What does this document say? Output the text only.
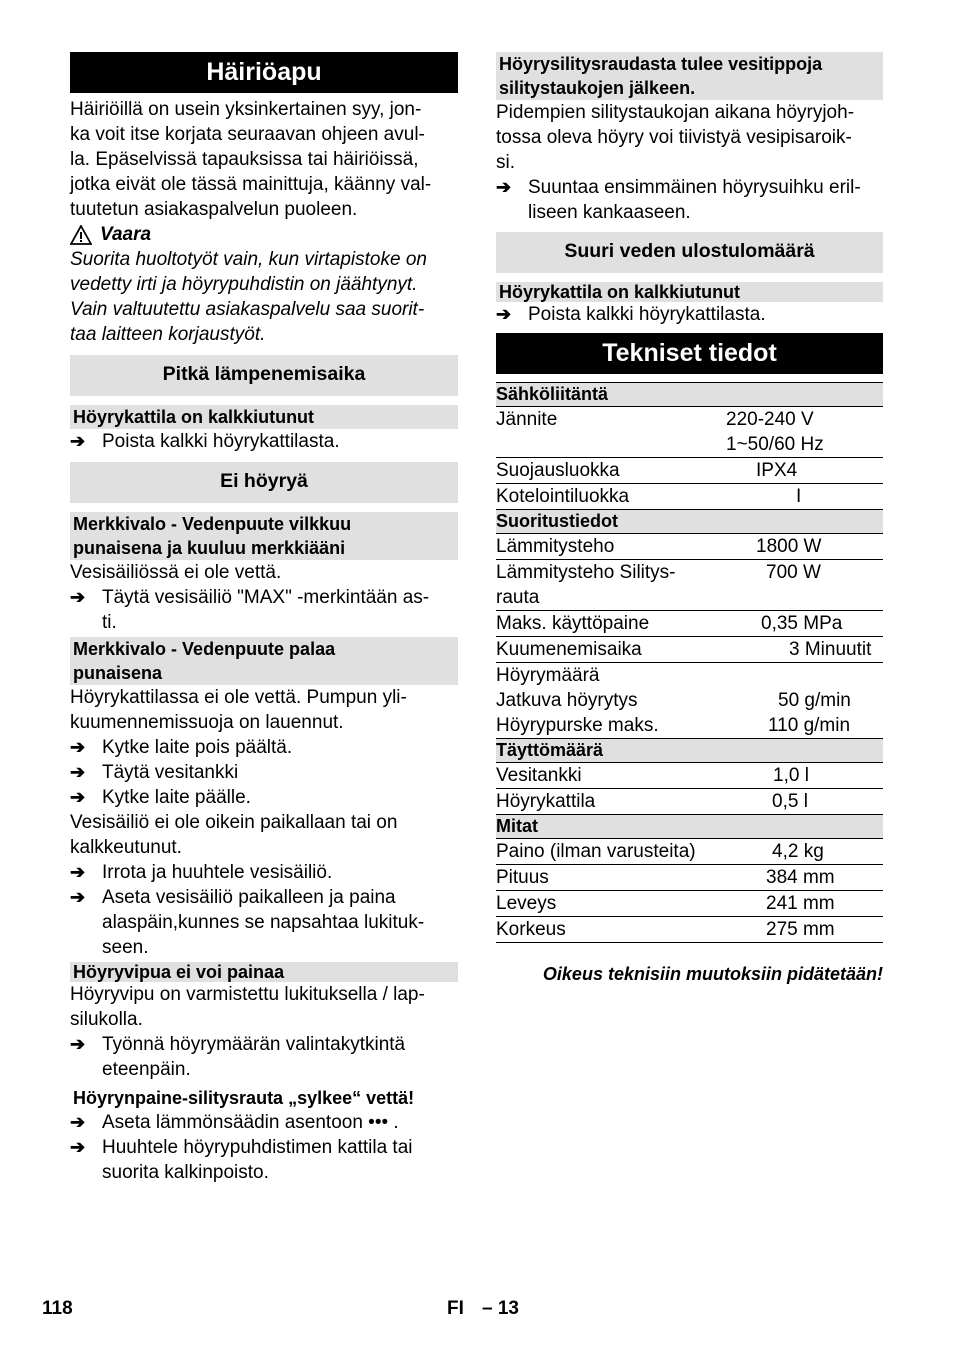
Häiriöapu
Häiriöillä on usein yksinkertainen syy, jon-
ka voit itse korjata seuraavan ohjeen avul-
la. Epäselvissä tapauksissa tai häiriöissä,
jotka eivät ole tässä mainittuja, käänny val-
tuutetun asiakaspalvelun puoleen.
Vaara
Suorita huoltotyöt vain, kun virtapistoke on
vedetty irti ja höyrypuhdistin on jäähtynyt.
Vain valtuutettu asiakaspalvelu saa suorit-
taa laitteen korjaustyöt.
Pitkä lämpenemisaika
Höyrykattila on kalkkiutunut
➔ Poista kalkki höyrykattilasta.
Ei höyryä
Merkkivalo - Vedenpuute vilkkuu
punaisena ja kuuluu merkkiääni
Vesisäiliössä ei ole vettä.
➔ Täytä vesisäiliö "MAX" -merkintään as-
ti.
Merkkivalo - Vedenpuute palaa
punaisena
Höyrykattilassa ei ole vettä. Pumpun yli-
kuumennemissuoja on lauennut.
➔ Kytke laite pois päältä.
➔ Täytä vesitankki
➔ Kytke laite päälle.
Vesisäiliö ei ole oikein paikallaan tai on
kalkkeutunut.
➔ Irrota ja huuhtele vesisäiliö.
➔ Aseta vesisäiliö paikalleen ja paina
alaspäin,kunnes se napsahtaa lukituk-
seen.
Höyryvipua ei voi painaa
Höyryvipu on varmistettu lukituksella / lap-
silukolla.
➔ Työnnä höyrymäärän valintakytkintä
eteenpäin.
Höyrynpaine-silitysrauta „sylkee“ vettä!
➔ Aseta lämmönsäädin asentoon ••• .
➔ Huuhtele höyrypuhdistimen kattila tai
suorita kalkinpoisto.
Höyrysilitysraudasta tulee vesitippoja
silitystaukojen jälkeen.
Pidempien silitystaukojan aikana höyryjoh-
tossa oleva höyry voi tiivistyä vesipisaroik-
si.
➔ Suuntaa ensimmäinen höyrysuihku eril-
liseen kankaaseen.
Suuri veden ulostulomäärä
Höyrykattila on kalkkiutunut
➔ Poista kalkki höyrykattilasta.
Tekniset tiedot
Sähköliitäntä	
Jännite	220-240 V
	1~50/60 Hz
Suojausluokka	IPX4
Kotelointiluokka	I
Suoritustiedot	
Lämmitysteho	1800 W
Lämmitysteho Silitys-
rauta	700 W
Maks. käyttöpaine	0,35 MPa
Kuumenemisaika	3 Minuutit
Höyrymäärä	
Jatkuva höyrytys	50 g/min
Höyrypurske maks.	110 g/min
Täyttömäärä	
Vesitankki	1,0 l
Höyrykattila	0,5 l
Mitat	
Paino (ilman varusteita)	4,2 kg
Pituus	384 mm
Leveys	241 mm
Korkeus	275 mm
Oikeus teknisiin muutoksiin pidätetään!
118	FI – 13
